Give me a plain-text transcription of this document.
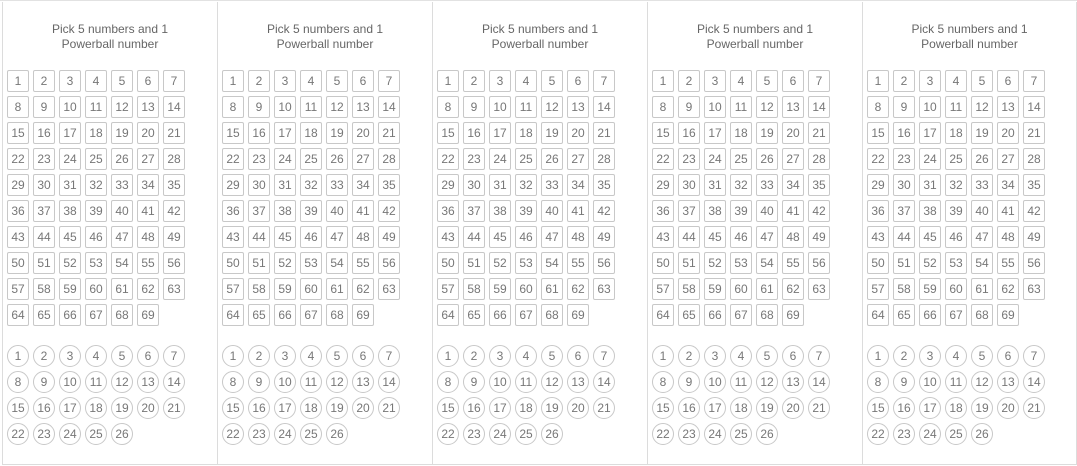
Pick 5 numbers and 1 Powerball number
1	2	3	4	5	6	7
8	9	10	11	12	13	14
15	16	17	18	19	20	21
22	23	24	25	26	27	28
29	30	31	32	33	34	35
36	37	38	39	40	41	42
43	44	45	46	47	48	49
50	51	52	53	54	55	56
57	58	59	60	61	62	63
64	65	66	67	68	69
1	2	3	4	5	6	7
8	9	10	11	12	13	14
15	16	17	18	19	20	21
22	23	24	25	26
Pick 5 numbers and 1 Powerball number
1	2	3	4	5	6	7
8	9	10	11	12	13	14
15	16	17	18	19	20	21
22	23	24	25	26	27	28
29	30	31	32	33	34	35
36	37	38	39	40	41	42
43	44	45	46	47	48	49
50	51	52	53	54	55	56
57	58	59	60	61	62	63
64	65	66	67	68	69
1	2	3	4	5	6	7
8	9	10	11	12	13	14
15	16	17	18	19	20	21
22	23	24	25	26
Pick 5 numbers and 1 Powerball number
1	2	3	4	5	6	7
8	9	10	11	12	13	14
15	16	17	18	19	20	21
22	23	24	25	26	27	28
29	30	31	32	33	34	35
36	37	38	39	40	41	42
43	44	45	46	47	48	49
50	51	52	53	54	55	56
57	58	59	60	61	62	63
64	65	66	67	68	69
1	2	3	4	5	6	7
8	9	10	11	12	13	14
15	16	17	18	19	20	21
22	23	24	25	26
Pick 5 numbers and 1 Powerball number
1	2	3	4	5	6	7
8	9	10	11	12	13	14
15	16	17	18	19	20	21
22	23	24	25	26	27	28
29	30	31	32	33	34	35
36	37	38	39	40	41	42
43	44	45	46	47	48	49
50	51	52	53	54	55	56
57	58	59	60	61	62	63
64	65	66	67	68	69
1	2	3	4	5	6	7
8	9	10	11	12	13	14
15	16	17	18	19	20	21
22	23	24	25	26
Pick 5 numbers and 1 Powerball number
1	2	3	4	5	6	7
8	9	10	11	12	13	14
15	16	17	18	19	20	21
22	23	24	25	26	27	28
29	30	31	32	33	34	35
36	37	38	39	40	41	42
43	44	45	46	47	48	49
50	51	52	53	54	55	56
57	58	59	60	61	62	63
64	65	66	67	68	69
1	2	3	4	5	6	7
8	9	10	11	12	13	14
15	16	17	18	19	20	21
22	23	24	25	26
